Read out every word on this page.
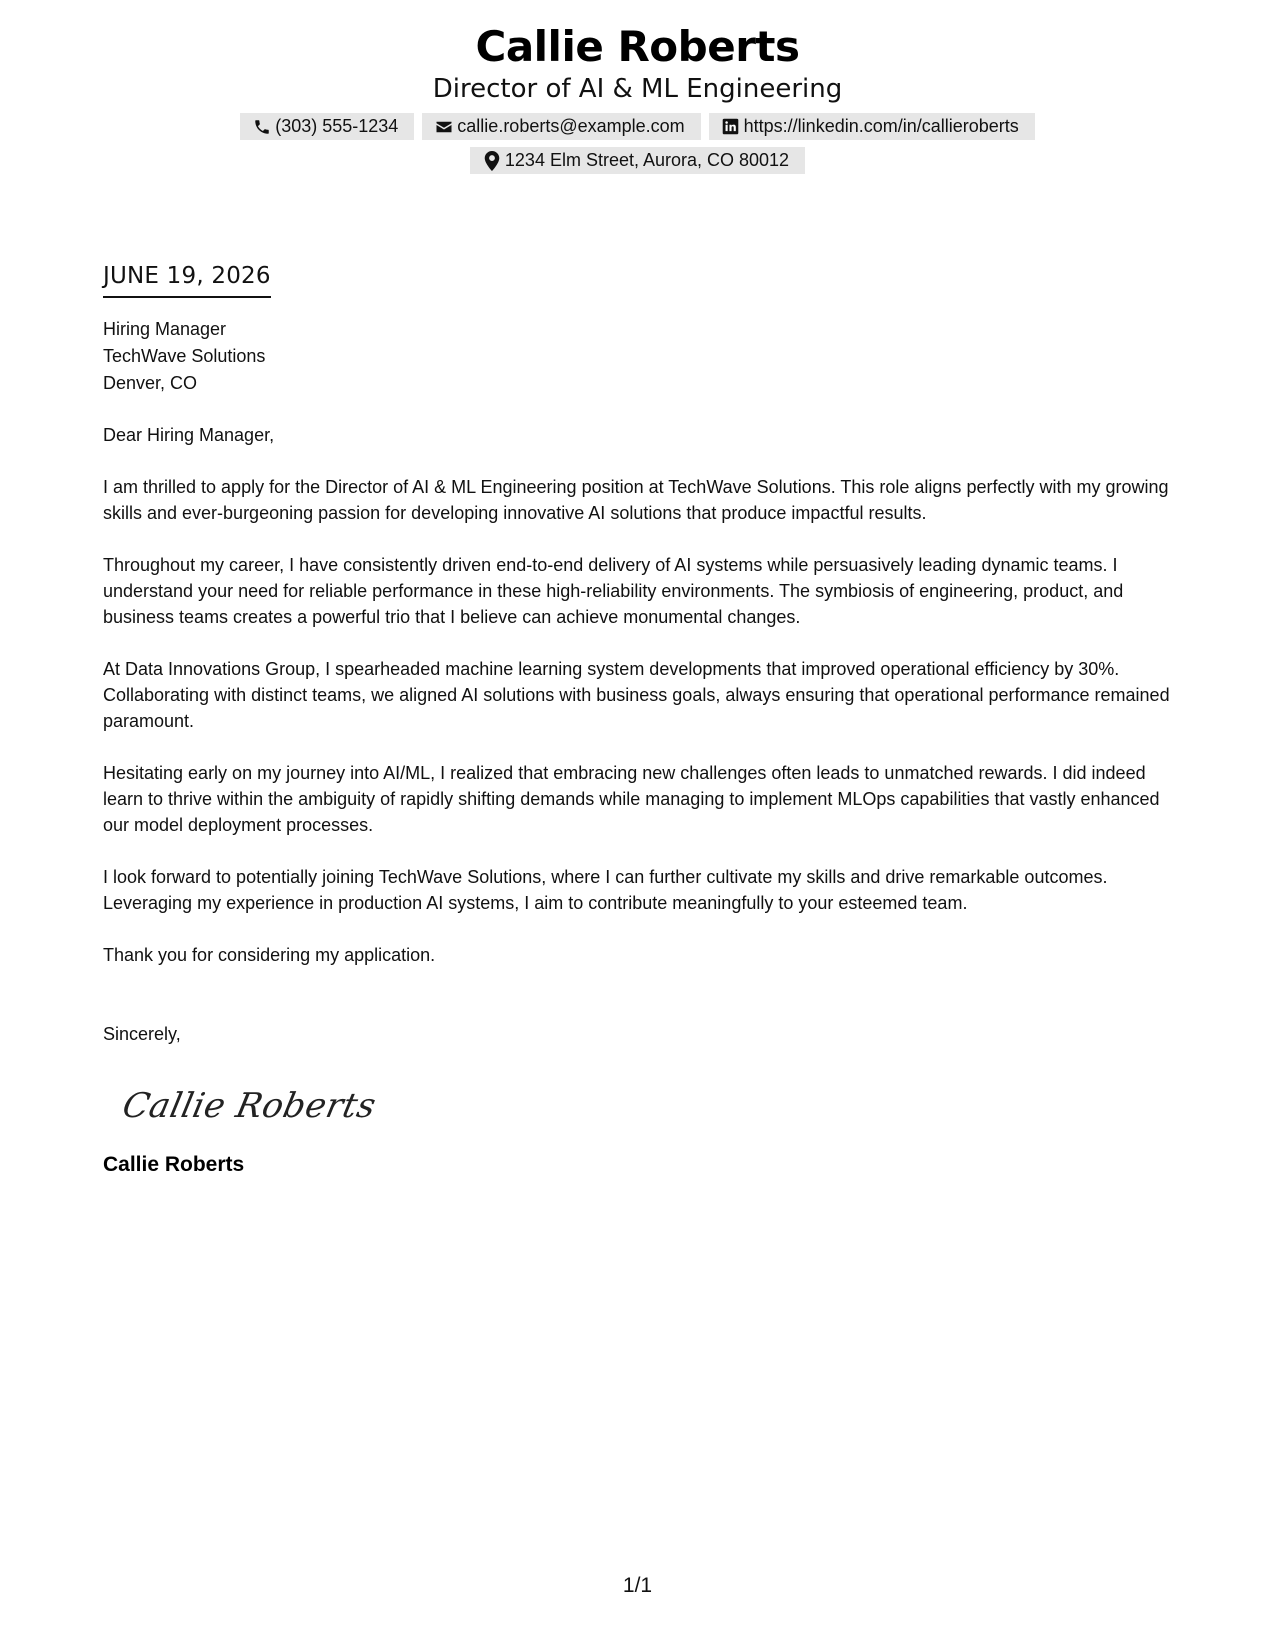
Callie Roberts
Director of AI & ML Engineering
(303) 555-1234	callie.roberts@example.com	https://linkedin.com/in/callieroberts
1234 Elm Street, Aurora, CO 80012
JUNE 19, 2026
Hiring Manager
TechWave Solutions
Denver, CO
Dear Hiring Manager,
I am thrilled to apply for the Director of AI & ML Engineering position at TechWave Solutions. This role aligns perfectly with my growing skills and ever-burgeoning passion for developing innovative AI solutions that produce impactful results.
Throughout my career, I have consistently driven end-to-end delivery of AI systems while persuasively leading dynamic teams. I understand your need for reliable performance in these high-reliability environments. The symbiosis of engineering, product, and business teams creates a powerful trio that I believe can achieve monumental changes.
At Data Innovations Group, I spearheaded machine learning system developments that improved operational efficiency by 30%. Collaborating with distinct teams, we aligned AI solutions with business goals, always ensuring that operational performance remained paramount.
Hesitating early on my journey into AI/ML, I realized that embracing new challenges often leads to unmatched rewards. I did indeed learn to thrive within the ambiguity of rapidly shifting demands while managing to implement MLOps capabilities that vastly enhanced our model deployment processes.
I look forward to potentially joining TechWave Solutions, where I can further cultivate my skills and drive remarkable outcomes. Leveraging my experience in production AI systems, I aim to contribute meaningfully to your esteemed team.
Thank you for considering my application.
Sincerely,
Callie Roberts
Callie Roberts
1/1
